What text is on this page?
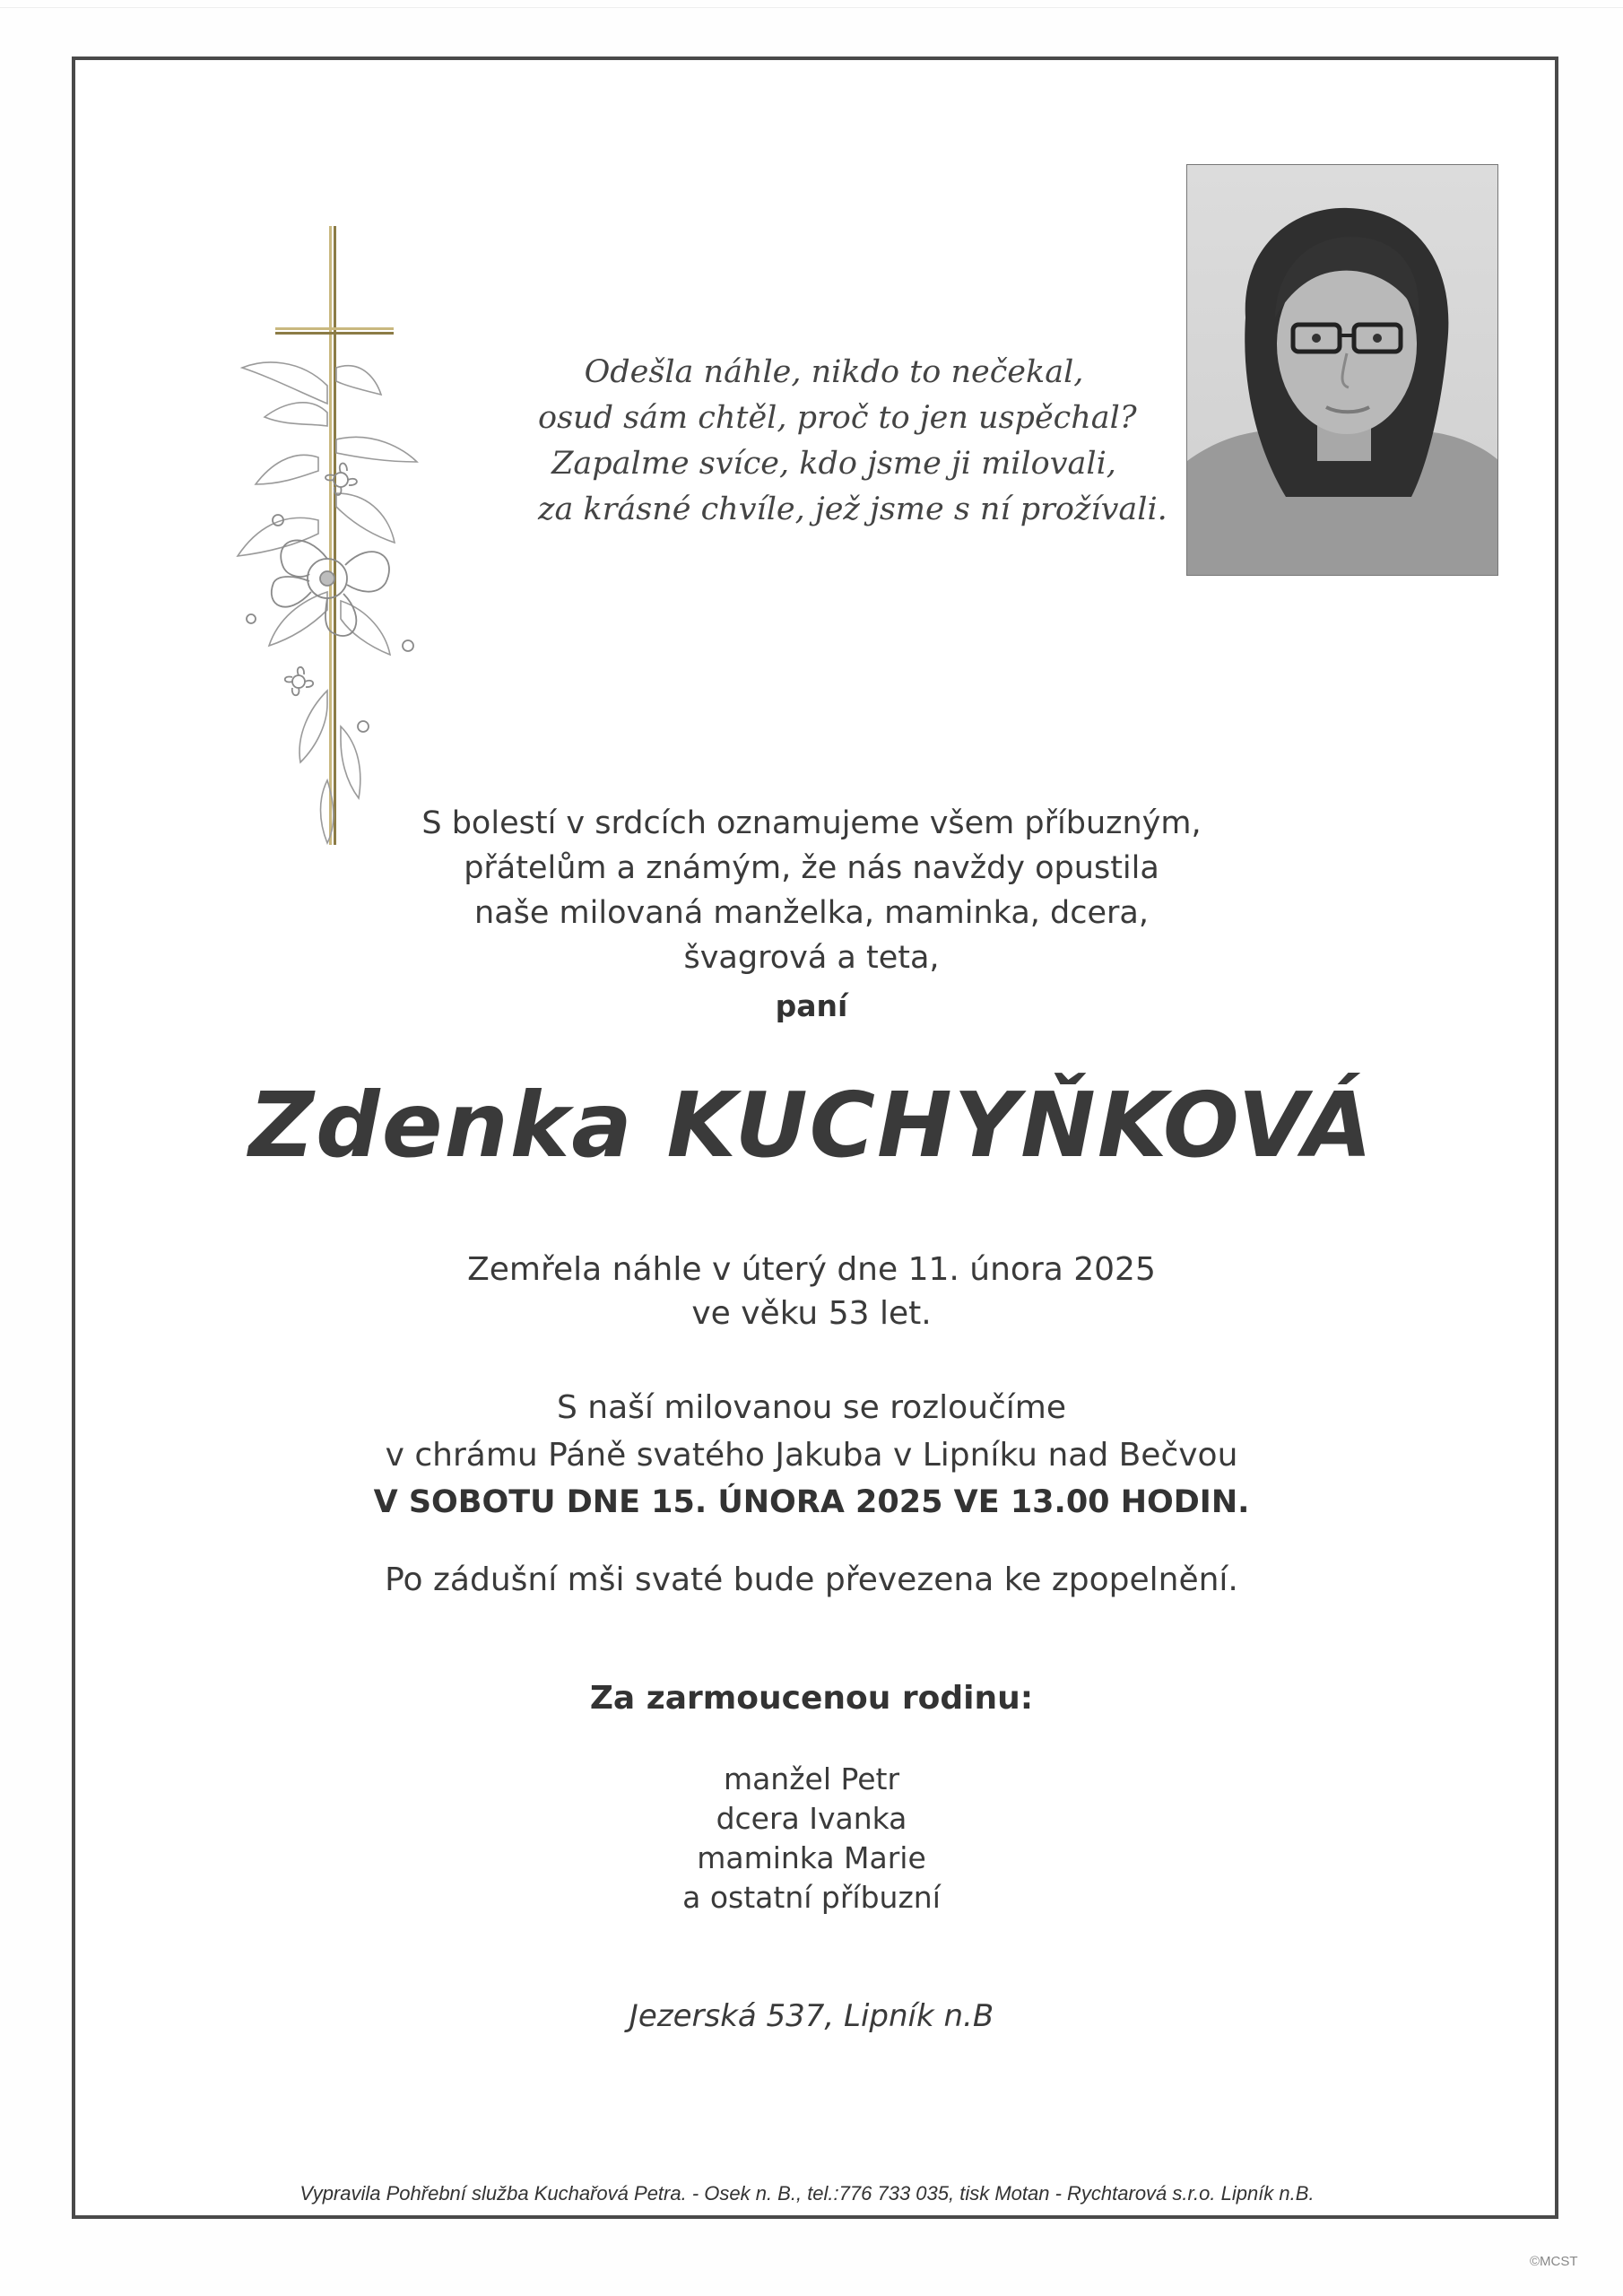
Odešla náhle, nikdo to nečekal,
osud sám chtěl, proč to jen uspěchal?
Zapalme svíce, kdo jsme ji milovali,
za krásné chvíle, jež jsme s ní prožívali.
S bolestí v srdcích oznamujeme všem příbuzným,
přátelům a známým, že nás navždy opustila
naše milovaná manželka, maminka, dcera,
švagrová a teta,
paní
Zdenka KUCHYŇKOVÁ
Zemřela náhle v úterý dne 11. února 2025
ve věku 53 let.
S naší milovanou se rozloučíme
v chrámu Páně svatého Jakuba v Lipníku nad Bečvou
V SOBOTU DNE 15. ÚNORA 2025 VE 13.00 HODIN.
Po zádušní mši svaté bude převezena ke zpopelnění.
Za zarmoucenou rodinu:
manžel Petr
dcera Ivanka
maminka Marie
a ostatní příbuzní
Jezerská 537, Lipník n.B
Vypravila Pohřební služba Kuchařová Petra. - Osek n. B., tel.:776 733 035, tisk Motan - Rychtarová s.r.o. Lipník n.B.
©MCST
